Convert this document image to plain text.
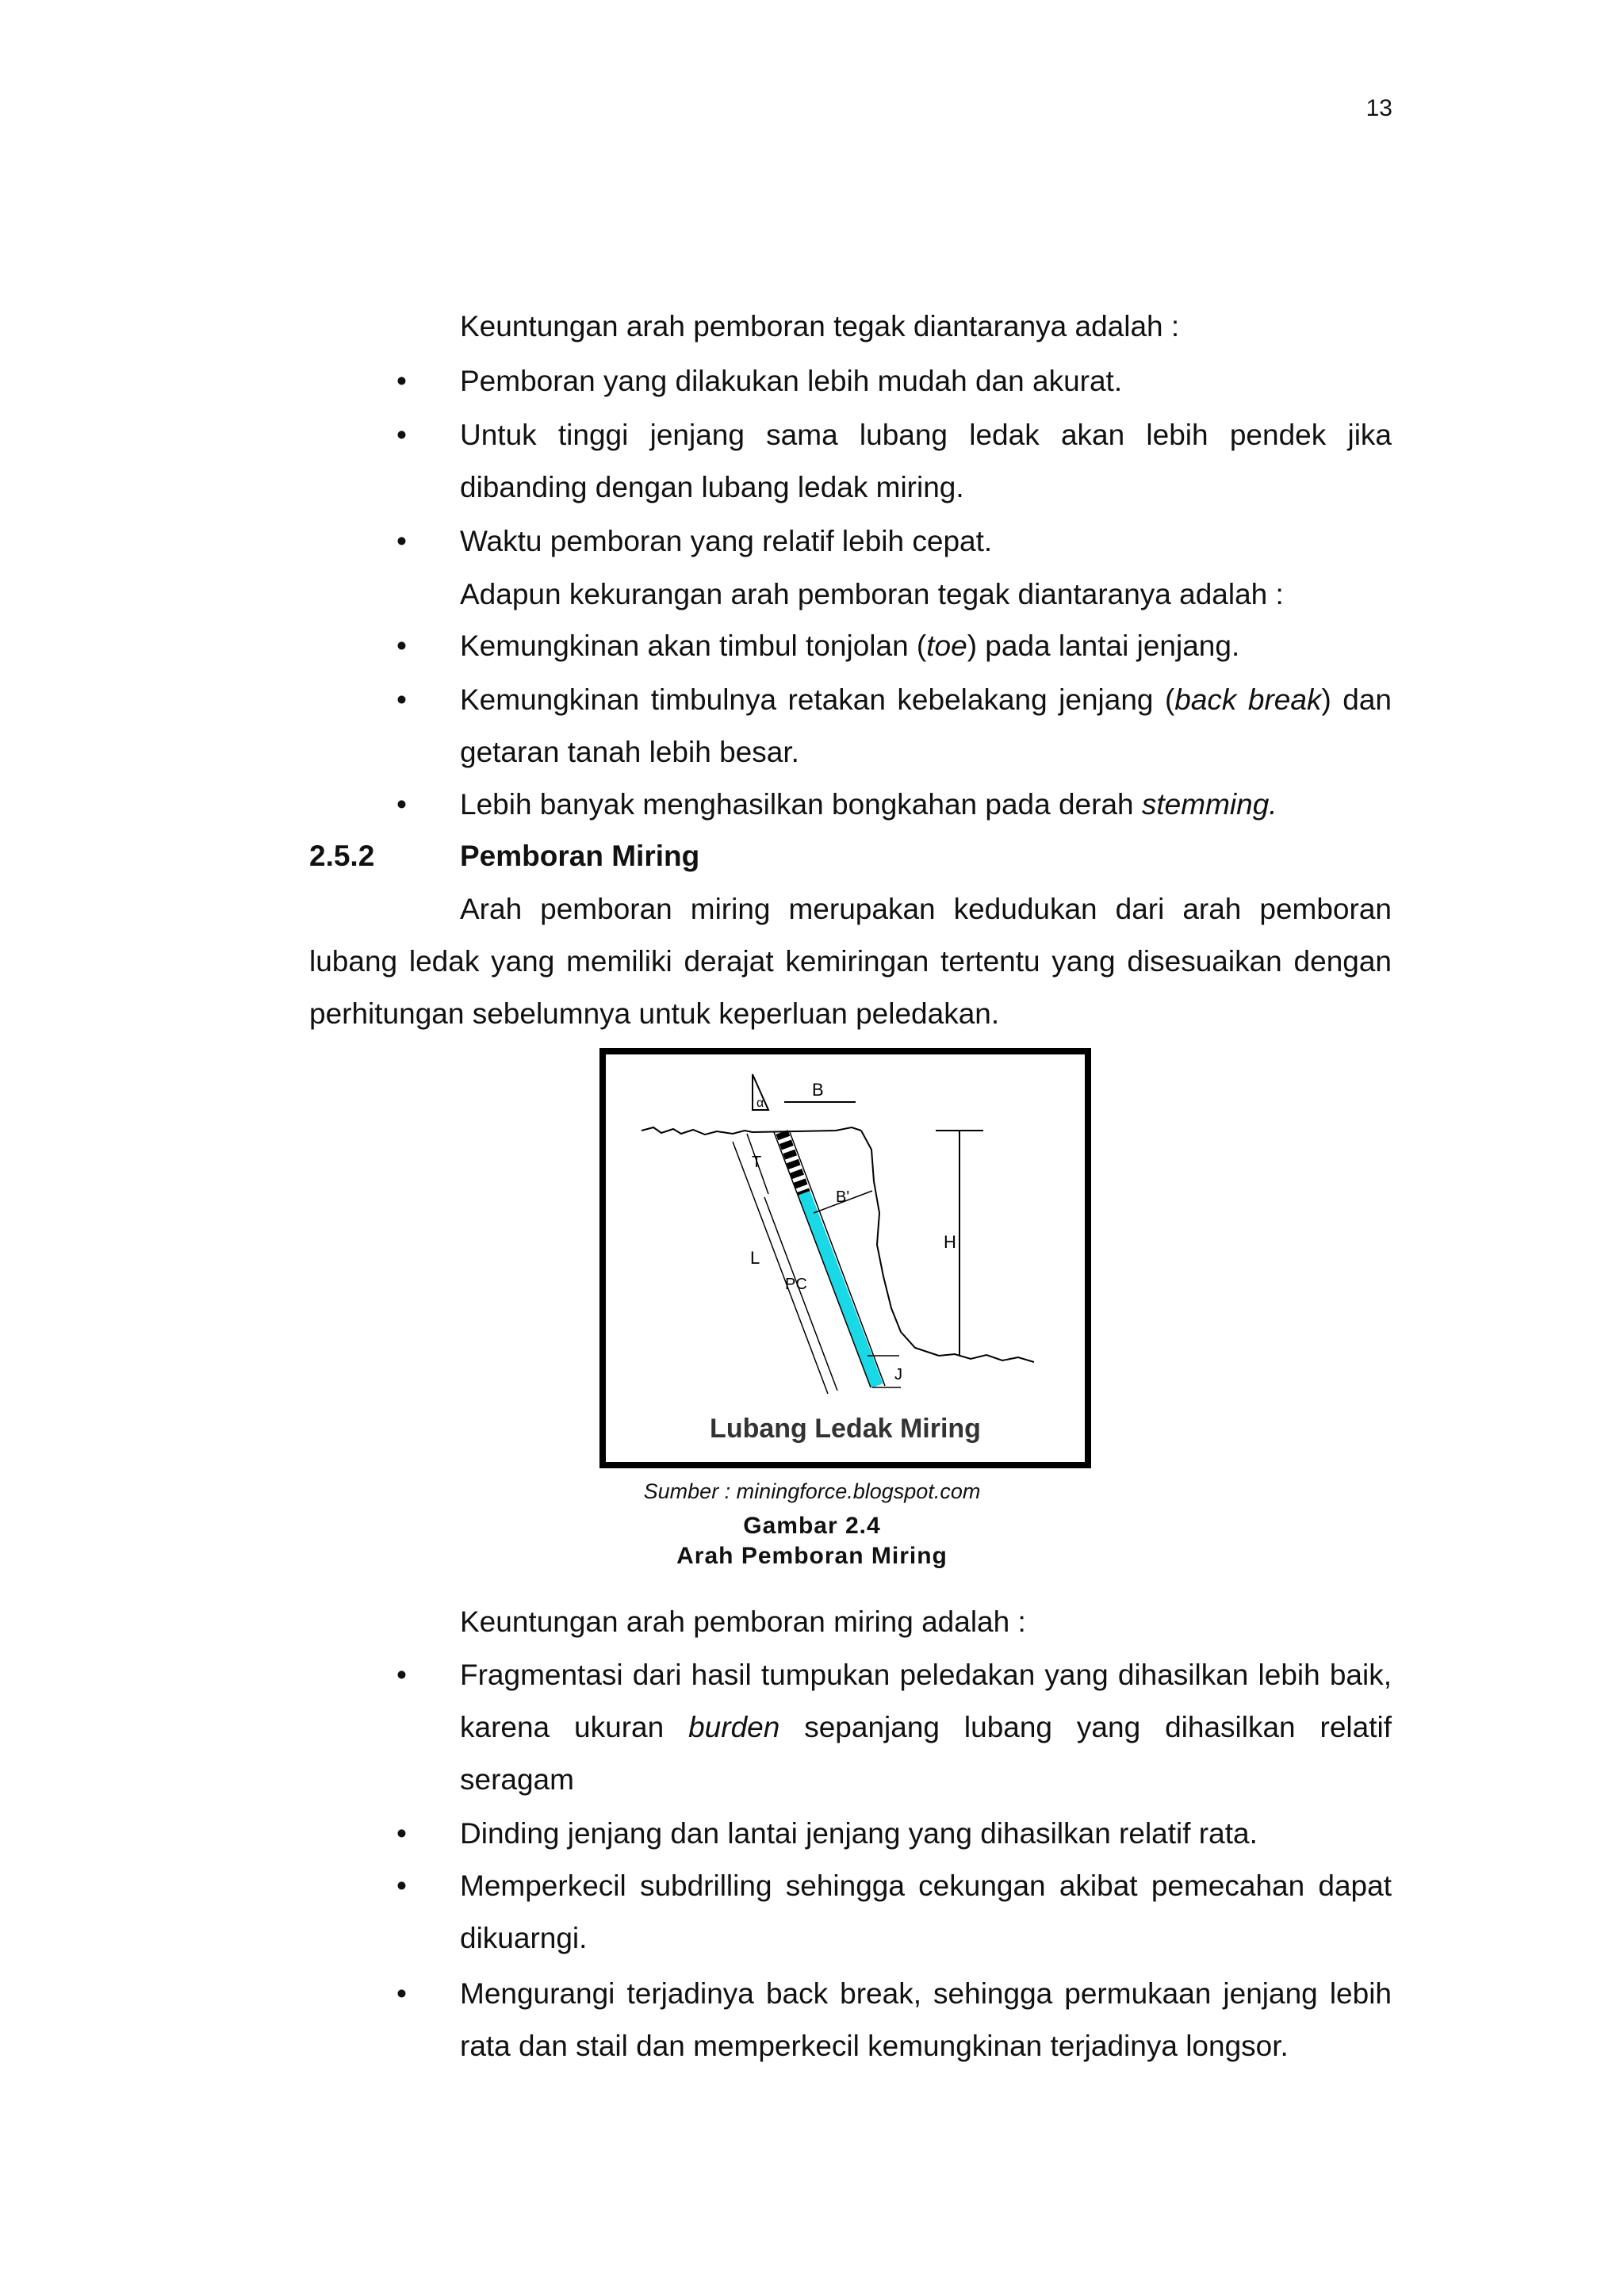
13
Keuntungan arah pemboran tegak diantaranya adalah :
•	Pemboran yang dilakukan lebih mudah dan akurat.
•	Untuk tinggi jenjang sama lubang ledak akan lebih pendek jika dibanding dengan lubang ledak miring.
•	Waktu pemboran yang relatif lebih cepat.
Adapun kekurangan arah pemboran tegak diantaranya adalah :
•	Kemungkinan akan timbul tonjolan (toe) pada lantai jenjang.
•	Kemungkinan timbulnya retakan kebelakang jenjang (back break) dan getaran tanah lebih besar.
•	Lebih banyak menghasilkan bongkahan pada derah stemming.
2.5.2	Pemboran Miring
Arah pemboran miring merupakan kedudukan dari arah pemboran lubang ledak yang memiliki derajat kemiringan tertentu yang disesuaikan dengan perhitungan sebelumnya untuk keperluan peledakan.
α
B
B'
T
L
PC
H
J
Lubang Ledak Miring
Sumber : miningforce.blogspot.com
Gambar 2.4
Arah Pemboran Miring
Keuntungan arah pemboran miring adalah :
•	Fragmentasi dari hasil tumpukan peledakan yang dihasilkan lebih baik, karena ukuran burden sepanjang lubang yang dihasilkan relatif seragam
•	Dinding jenjang dan lantai jenjang yang dihasilkan relatif rata.
•	Memperkecil subdrilling sehingga cekungan akibat pemecahan dapat dikuarngi.
•	Mengurangi terjadinya back break, sehingga permukaan jenjang lebih rata dan stail dan memperkecil kemungkinan terjadinya longsor.
